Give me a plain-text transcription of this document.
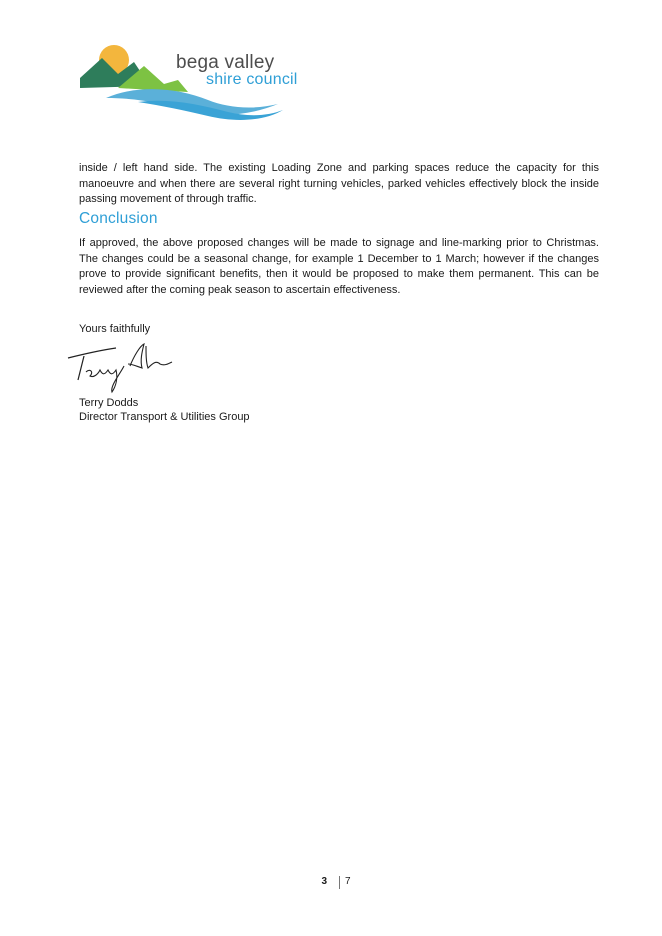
bega valley
shire council
inside / left hand side. The existing Loading Zone and parking spaces reduce the capacity for this manoeuvre and when there are several right turning vehicles, parked vehicles effectively block the inside passing movement of through traffic.
Conclusion
If approved, the above proposed changes will be made to signage and line-marking prior to Christmas. The changes could be a seasonal change, for example 1 December to 1 March; however if the changes prove to provide significant benefits, then it would be proposed to make them permanent. This can be reviewed after the coming peak season to ascertain effectiveness.
Yours faithfully
Terry Dodds
Director Transport & Utilities Group
3 7
